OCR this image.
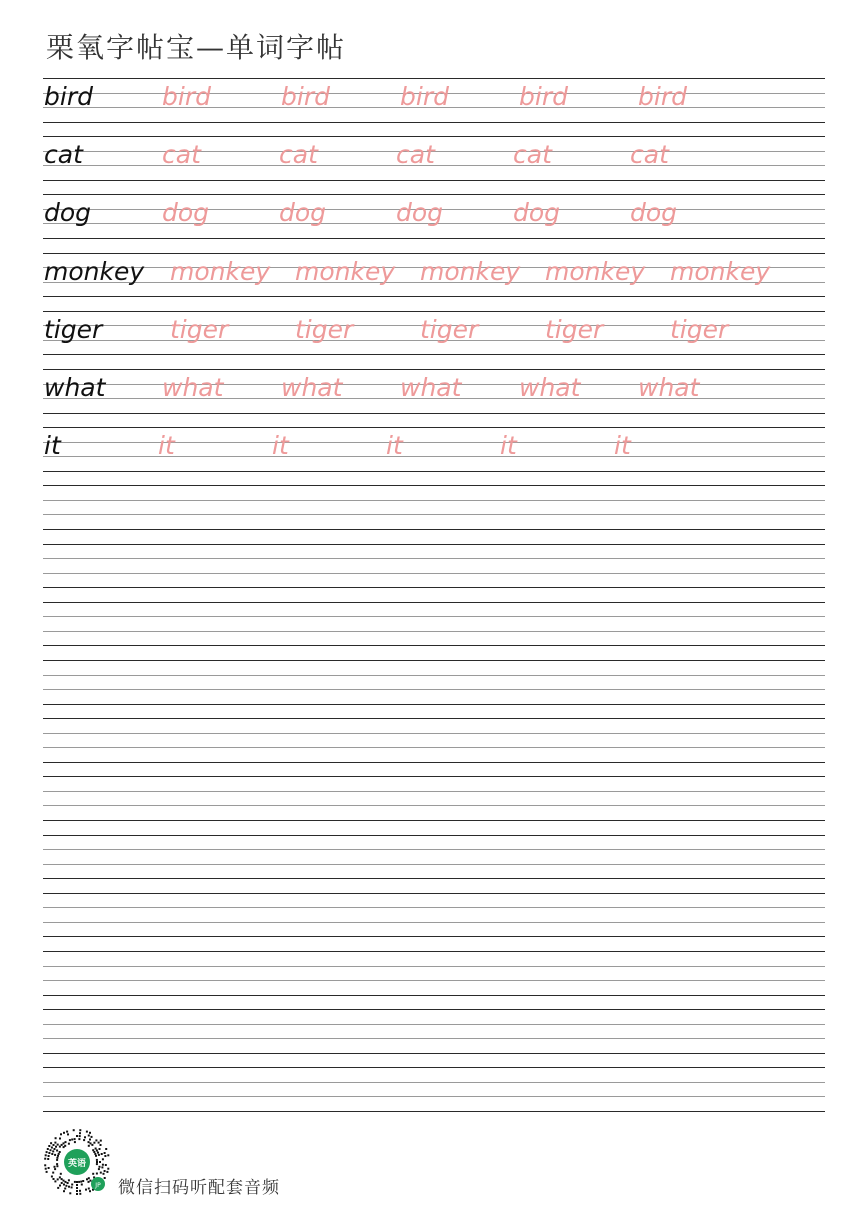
栗氧字帖宝—单词字帖
bird	bird	bird	bird	bird	bird
cat	cat	cat	cat	cat	cat
dog	dog	dog	dog	dog	dog
monkey monkey monkey monkey monkey monkey
tiger	tiger	tiger	tiger	tiger	tiger
what what what what what what
it	it	it	it	it	it
英语
JP 微信扫码听配套音频
